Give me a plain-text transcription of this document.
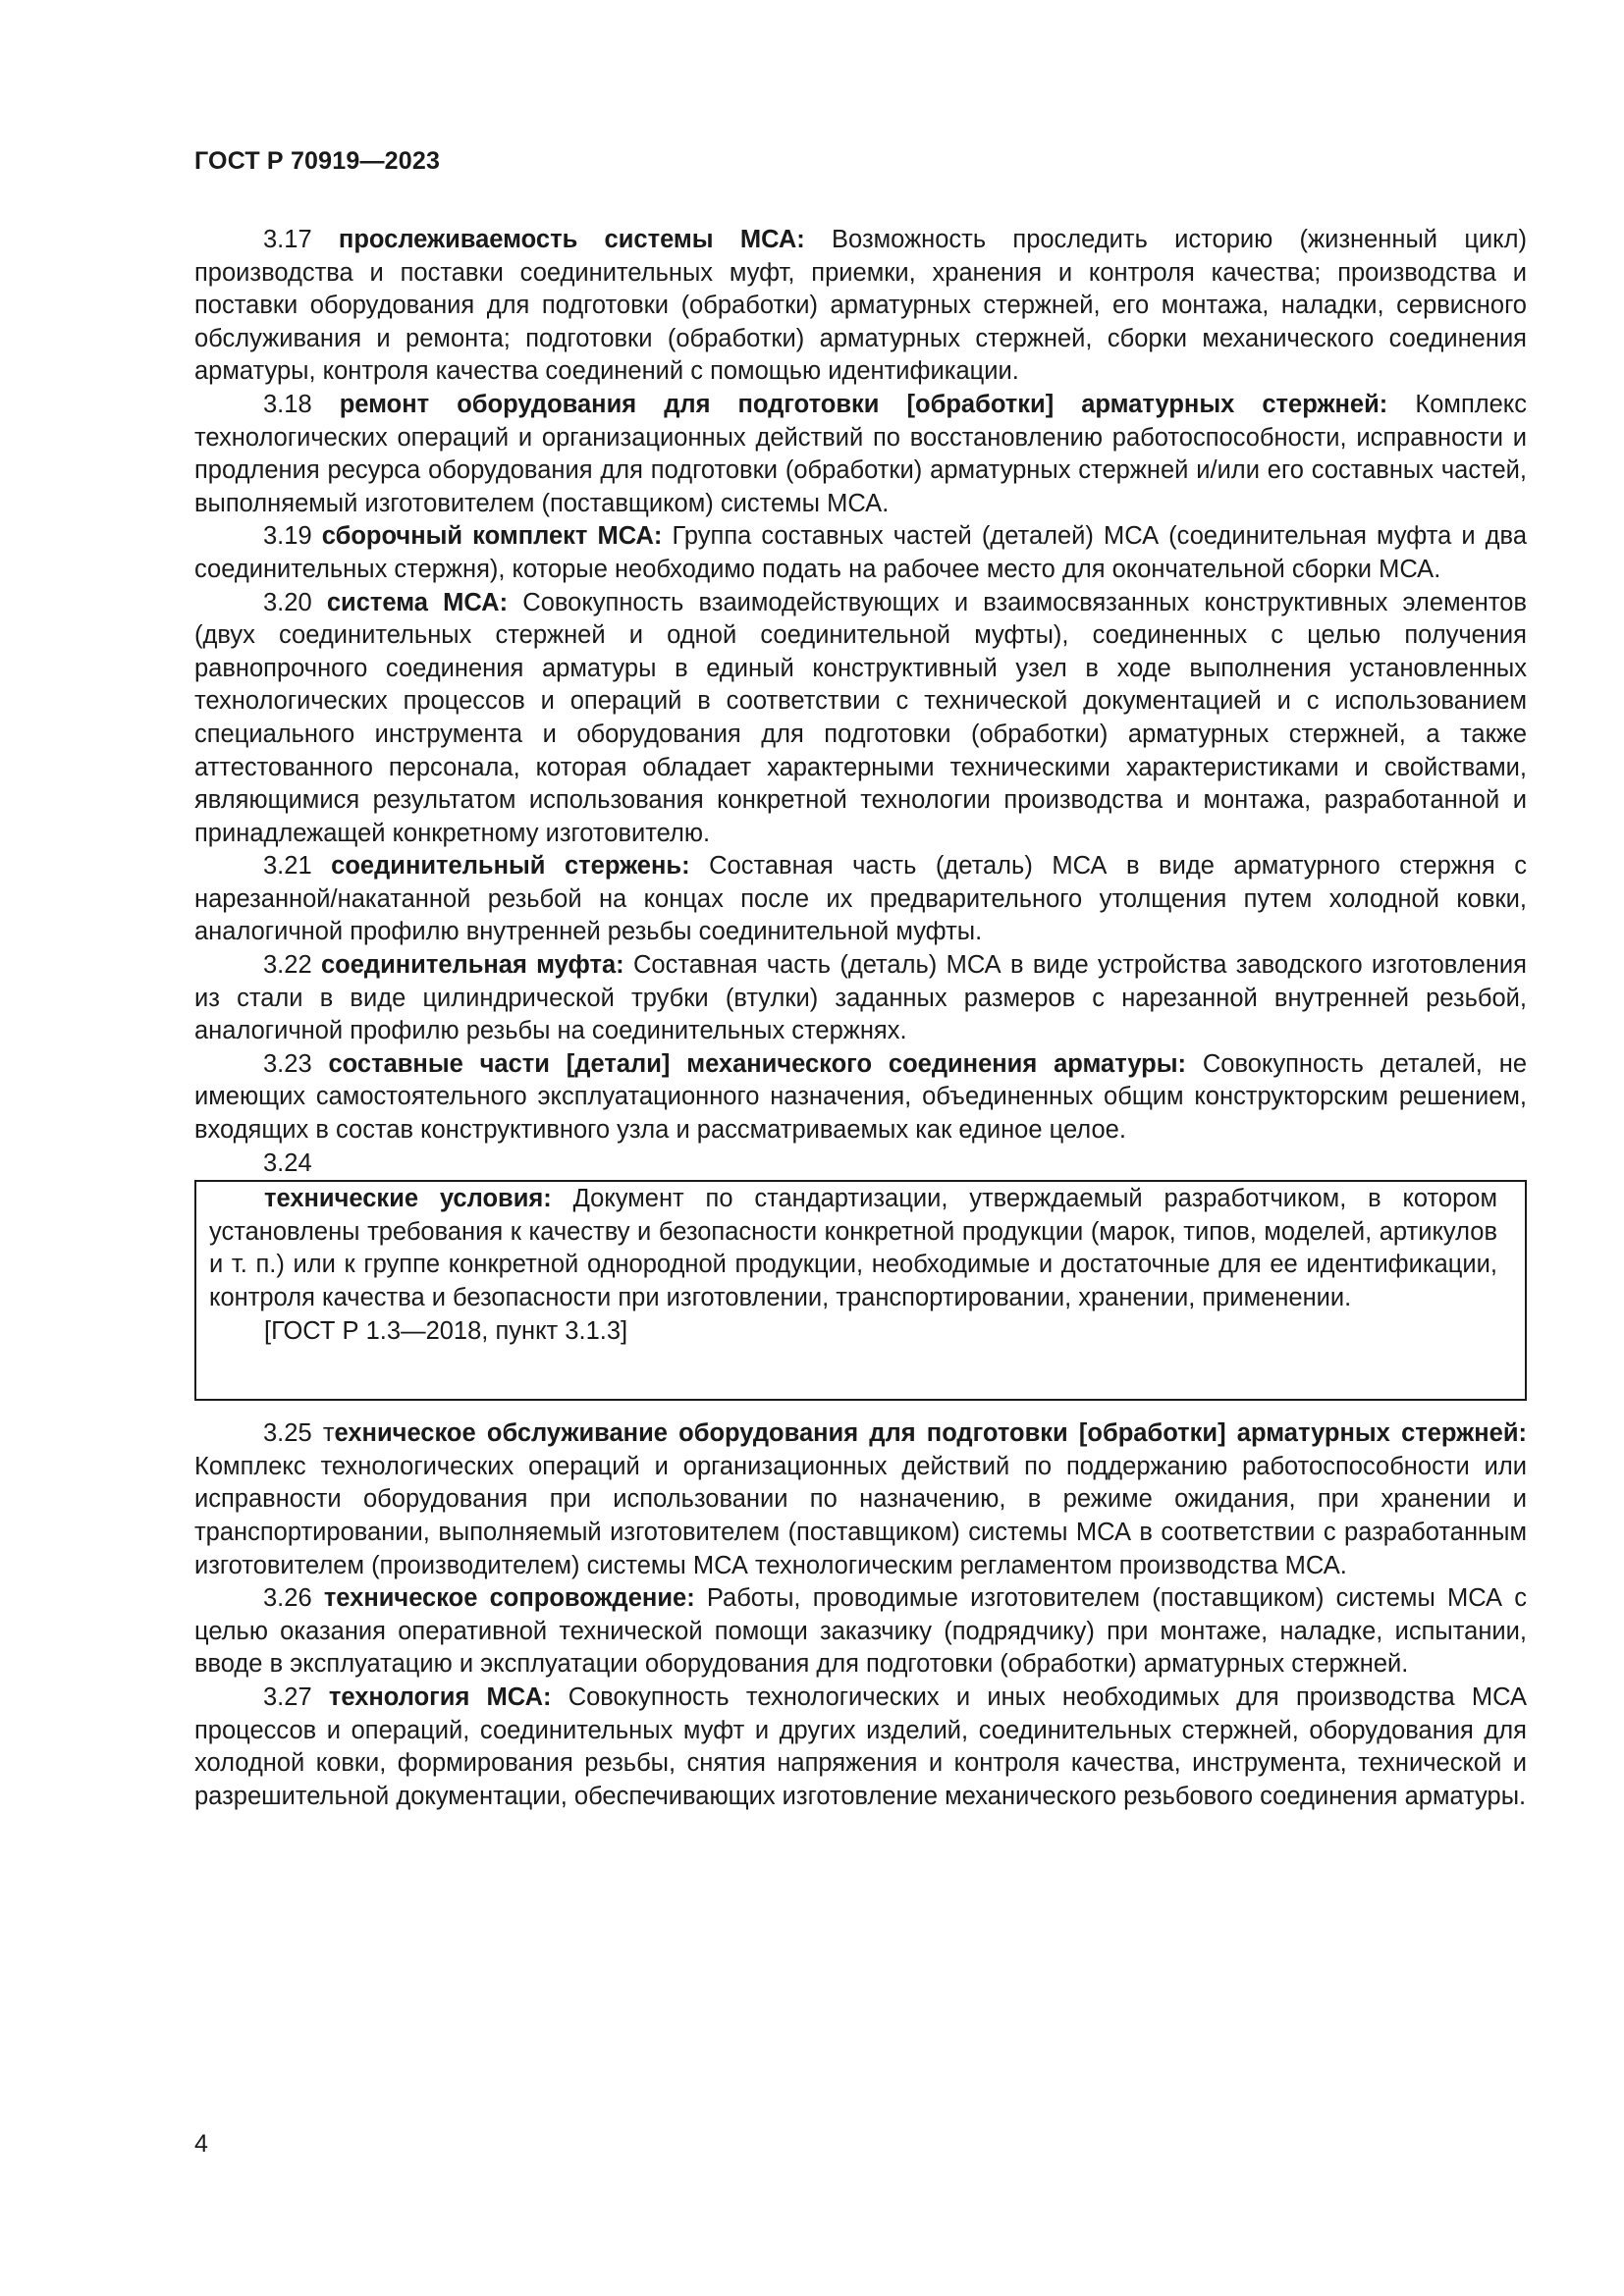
ГОСТ Р 70919—2023

3.17 прослеживаемость системы МСА: Возможность проследить историю (жизненный цикл) производства и поставки соединительных муфт, приемки, хранения и контроля качества; производства и поставки оборудования для подготовки (обработки) арматурных стержней, его монтажа, наладки, сервисного обслуживания и ремонта; подготовки (обработки) арматурных стержней, сборки механического соединения арматуры, контроля качества соединений с помощью идентификации.

3.18 ремонт оборудования для подготовки [обработки] арматурных стержней: Комплекс технологических операций и организационных действий по восстановлению работоспособности, исправности и продления ресурса оборудования для подготовки (обработки) арматурных стержней и/или его составных частей, выполняемый изготовителем (поставщиком) системы МСА.

3.19 сборочный комплект МСА: Группа составных частей (деталей) МСА (соединительная муфта и два соединительных стержня), которые необходимо подать на рабочее место для окончательной сборки МСА.

3.20 система МСА: Совокупность взаимодействующих и взаимосвязанных конструктивных элементов (двух соединительных стержней и одной соединительной муфты), соединенных с целью получения равнопрочного соединения арматуры в единый конструктивный узел в ходе выполнения установленных технологических процессов и операций в соответствии с технической документацией и с использованием специального инструмента и оборудования для подготовки (обработки) арматурных стержней, а также аттестованного персонала, которая обладает характерными техническими характеристиками и свойствами, являющимися результатом использования конкретной технологии производства и монтажа, разработанной и принадлежащей конкретному изготовителю.

3.21 соединительный стержень: Составная часть (деталь) МСА в виде арматурного стержня с нарезанной/накатанной резьбой на концах после их предварительного утолщения путем холодной ковки, аналогичной профилю внутренней резьбы соединительной муфты.

3.22 соединительная муфта: Составная часть (деталь) МСА в виде устройства заводского изготовления из стали в виде цилиндрической трубки (втулки) заданных размеров с нарезанной внутренней резьбой, аналогичной профилю резьбы на соединительных стержнях.

3.23 составные части [детали] механического соединения арматуры: Совокупность деталей, не имеющих самостоятельного эксплуатационного назначения, объединенных общим конструкторским решением, входящих в состав конструктивного узла и рассматриваемых как единое целое.

3.24

технические условия: Документ по стандартизации, утверждаемый разработчиком, в котором установлены требования к качеству и безопасности конкретной продукции (марок, типов, моделей, артикулов и т. п.) или к группе конкретной однородной продукции, необходимые и достаточные для ее идентификации, контроля качества и безопасности при изготовлении, транспортировании, хранении, применении.

[ГОСТ Р 1.3—2018, пункт 3.1.3]

3.25 техническое обслуживание оборудования для подготовки [обработки] арматурных стержней: Комплекс технологических операций и организационных действий по поддержанию работоспособности или исправности оборудования при использовании по назначению, в режиме ожидания, при хранении и транспортировании, выполняемый изготовителем (поставщиком) системы МСА в соответствии с разработанным изготовителем (производителем) системы МСА технологическим регламентом производства МСА.

3.26 техническое сопровождение: Работы, проводимые изготовителем (поставщиком) системы МСА с целью оказания оперативной технической помощи заказчику (подрядчику) при монтаже, наладке, испытании, вводе в эксплуатацию и эксплуатации оборудования для подготовки (обработки) арматурных стержней.

3.27 технология МСА: Совокупность технологических и иных необходимых для производства МСА процессов и операций, соединительных муфт и других изделий, соединительных стержней, оборудования для холодной ковки, формирования резьбы, снятия напряжения и контроля качества, инструмента, технической и разрешительной документации, обеспечивающих изготовление механического резьбового соединения арматуры.

4
